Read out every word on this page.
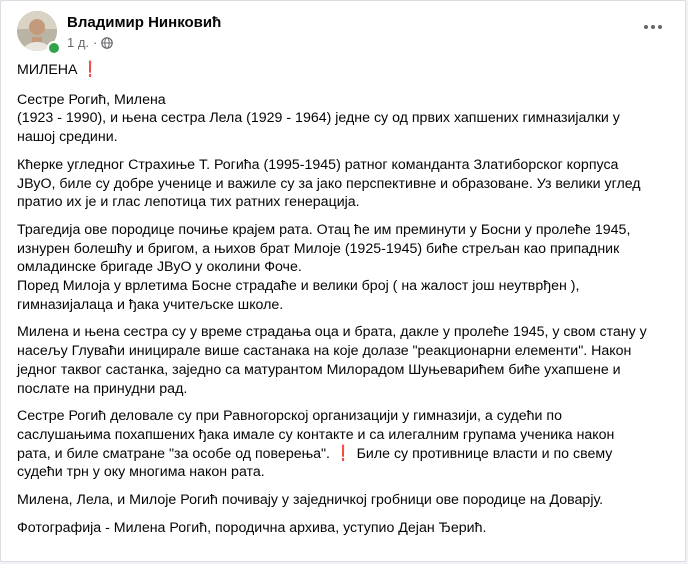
Владимир Нинковић
1 д. ·

МИЛЕНА ❗

Сестре Рогић, Милена
(1923 - 1990), и њена сестра Лела (1929 - 1964) једне су од првих хапшених гимназијалки у
нашој средини.

Кћерке угледног Страхиње Т. Рогића (1995-1945) ратног команданта Златиборског корпуса
ЈВуО, биле су добре ученице и важиле су за јако перспективне и образоване. Уз велики углед
пратио их је и глас лепотица тих ратних генерација.

Трагедија ове породице почиње крајем рата. Отац ће им преминути у Босни у пролеће 1945,
изнурен болешћу и бригом, а њихов брат Милоје (1925-1945) биће стрељан као припадник
омладинске бригаде ЈВуО у околини Фоче.
Поред Милоја у врлетима Босне страдаће и велики број ( на жалост још неутврђен ),
гимназијалаца и ђака учитељске школе.

Милена и њена сестра су у време страдања оца и брата, дакле у пролеће 1945, у свом стану у
насељу Глуваћи иницирале више састанака на које долазе "реакционарни елементи". Након
једног таквог састанка, заједно са матурантом Милорадом Шуњеварићем биће ухапшене и
послате на принудни рад.

Сестре Рогић деловале су при Равногорској организацији у гимназији, а судећи по
саслушањима похапшених ђака имале су контакте и са илегалним групама ученика након
рата, и биле сматране "за особе од поверења". ❗ Биле су противнице власти и по свему
судећи трн у оку многима након рата.

Милена, Лела, и Милоје Рогић почивају у заједничкој гробници ове породице на Доварју.

Фотографија - Милена Рогић, породична архива, уступио Дејан Ђерић.
